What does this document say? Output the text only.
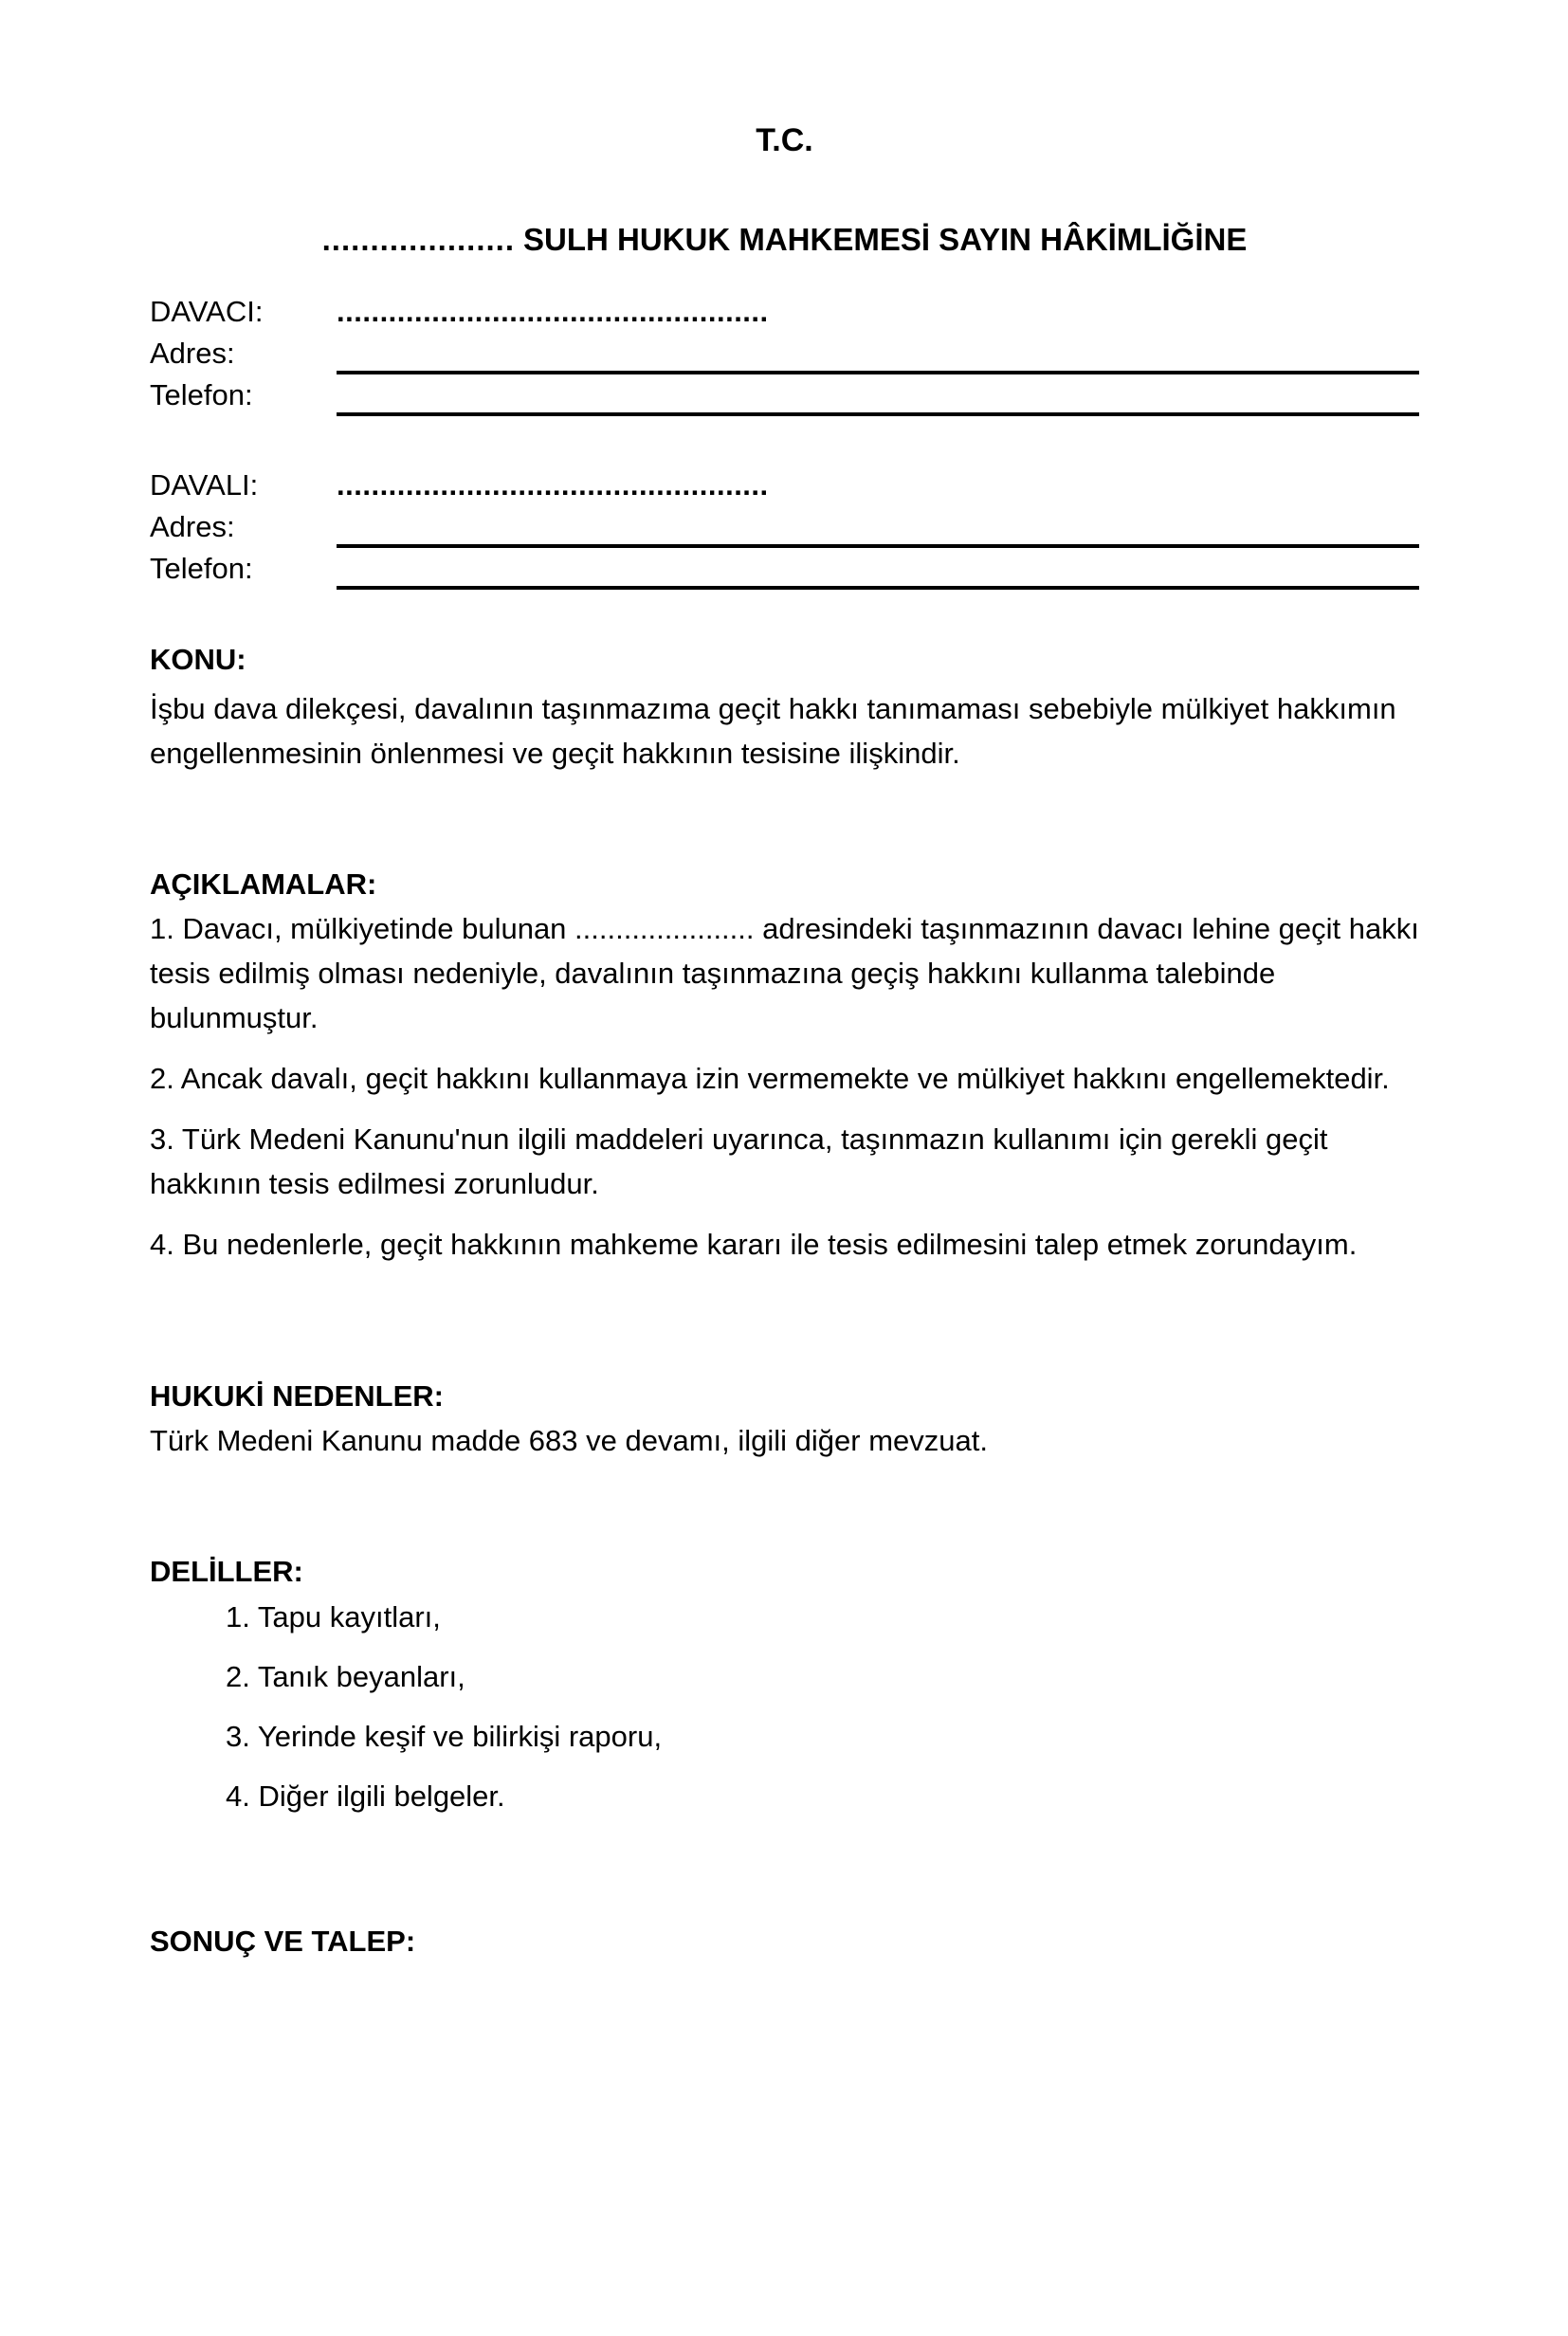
T.C.
.................... SULH HUKUK MAHKEMESİ SAYIN HÂKİMLİĞİNE
DAVACI:	..................................................
Adres:
Telefon:
DAVALI:	..................................................
Adres:
Telefon:
KONU:
İşbu dava dilekçesi, davalının taşınmazıma geçit hakkı tanımaması sebebiyle mülkiyet hakkımın
engellenmesinin önlenmesi ve geçit hakkının tesisine ilişkindir.
AÇIKLAMALAR:
1. Davacı, mülkiyetinde bulunan ...................... adresindeki taşınmazının davacı lehine geçit hakkı
tesis edilmiş olması nedeniyle, davalının taşınmazına geçiş hakkını kullanma talebinde
bulunmuştur.
2. Ancak davalı, geçit hakkını kullanmaya izin vermemekte ve mülkiyet hakkını engellemektedir.
3. Türk Medeni Kanunu'nun ilgili maddeleri uyarınca, taşınmazın kullanımı için gerekli geçit
hakkının tesis edilmesi zorunludur.
4. Bu nedenlerle, geçit hakkının mahkeme kararı ile tesis edilmesini talep etmek zorundayım.
HUKUKİ NEDENLER:
Türk Medeni Kanunu madde 683 ve devamı, ilgili diğer mevzuat.
DELİLLER:
1. Tapu kayıtları,
2. Tanık beyanları,
3. Yerinde keşif ve bilirkişi raporu,
4. Diğer ilgili belgeler.
SONUÇ VE TALEP:
